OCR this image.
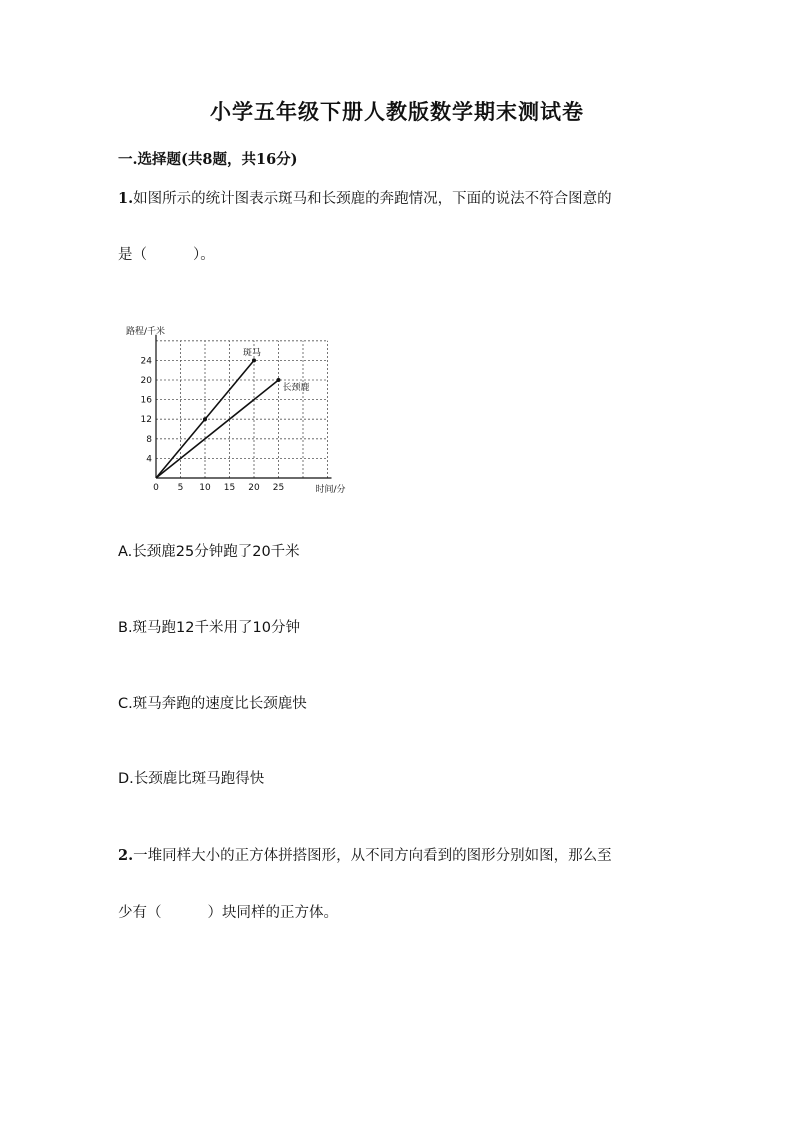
小学五年级下册人教版数学期末测试卷
一.选择题(共8题，共16分)
1.如图所示的统计图表示斑马和长颈鹿的奔跑情况，下面的说法不符合图意的
是（	）。
路程/千米
时间/分
0 5 10 15 20 25
4
8
12
16
20
24
斑马
长颈鹿
A.长颈鹿25分钟跑了20千米
B.斑马跑12千米用了10分钟
C.斑马奔跑的速度比长颈鹿快
D.长颈鹿比斑马跑得快
2.一堆同样大小的正方体拼搭图形，从不同方向看到的图形分别如图，那么至
少有（	）块同样的正方体。
